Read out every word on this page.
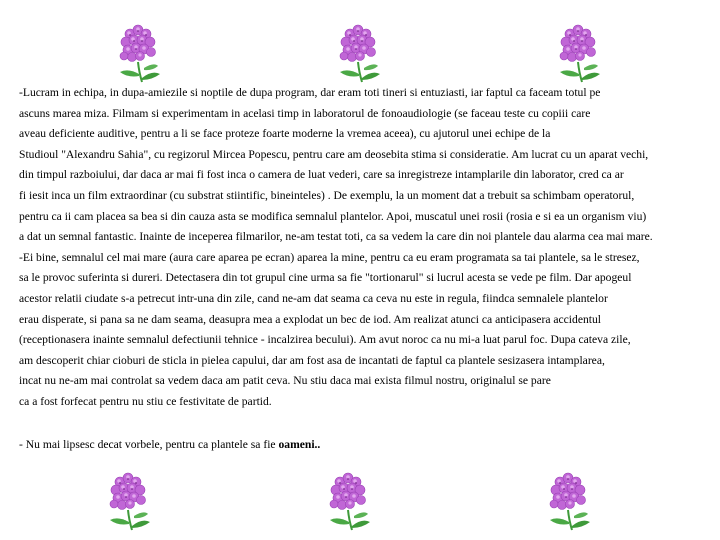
-Lucram in echipa, in dupa-amiezile si noptile de dupa program, dar eram toti tineri si entuziasti, iar faptul ca faceam totul pe
ascuns marea miza. Filmam si experimentam in acelasi timp in laboratorul de fonoaudiologie (se faceau teste cu copiii care
aveau deficiente auditive, pentru a li se face proteze foarte moderne la vremea aceea), cu ajutorul unei echipe de la
Studioul "Alexandru Sahia", cu regizorul Mircea Popescu, pentru care am deosebita stima si consideratie. Am lucrat cu un aparat vechi,
din timpul razboiului, dar daca ar mai fi fost inca o camera de luat vederi, care sa inregistreze intamplarile din laborator, cred ca ar
fi iesit inca un film extraordinar (cu substrat stiintific, bineinteles) . De exemplu, la un moment dat a trebuit sa schimbam operatorul,
pentru ca ii cam placea sa bea si din cauza asta se modifica semnalul plantelor. Apoi, muscatul unei rosii (rosia e si ea un organism viu)
a dat un semnal fantastic. Inainte de inceperea filmarilor, ne-am testat toti, ca sa vedem la care din noi plantele dau alarma cea mai mare.
-Ei bine, semnalul cel mai mare (aura care aparea pe ecran) aparea la mine, pentru ca eu eram programata sa tai plantele, sa le stresez,
sa le provoc suferinta si dureri. Detectasera din tot grupul cine urma sa fie "tortionarul" si lucrul acesta se vede pe film. Dar apogeul
acestor relatii ciudate s-a petrecut intr-una din zile, cand ne-am dat seama ca ceva nu este in regula, fiindca semnalele plantelor
erau disperate, si pana sa ne dam seama, deasupra mea a explodat un bec de iod. Am realizat atunci ca anticipasera accidentul
(receptionasera inainte semnalul defectiunii tehnice - incalzirea becului). Am avut noroc ca nu mi-a luat parul foc. Dupa cateva zile,
am descoperit chiar cioburi de sticla in pielea capului, dar am fost asa de incantati de faptul ca plantele sesizasera intamplarea,
incat nu ne-am mai controlat sa vedem daca am patit ceva. Nu stiu daca mai exista filmul nostru, originalul se pare
ca a fost forfecat pentru nu stiu ce festivitate de partid.
- Nu mai lipsesc decat vorbele, pentru ca plantele sa fie oameni..
